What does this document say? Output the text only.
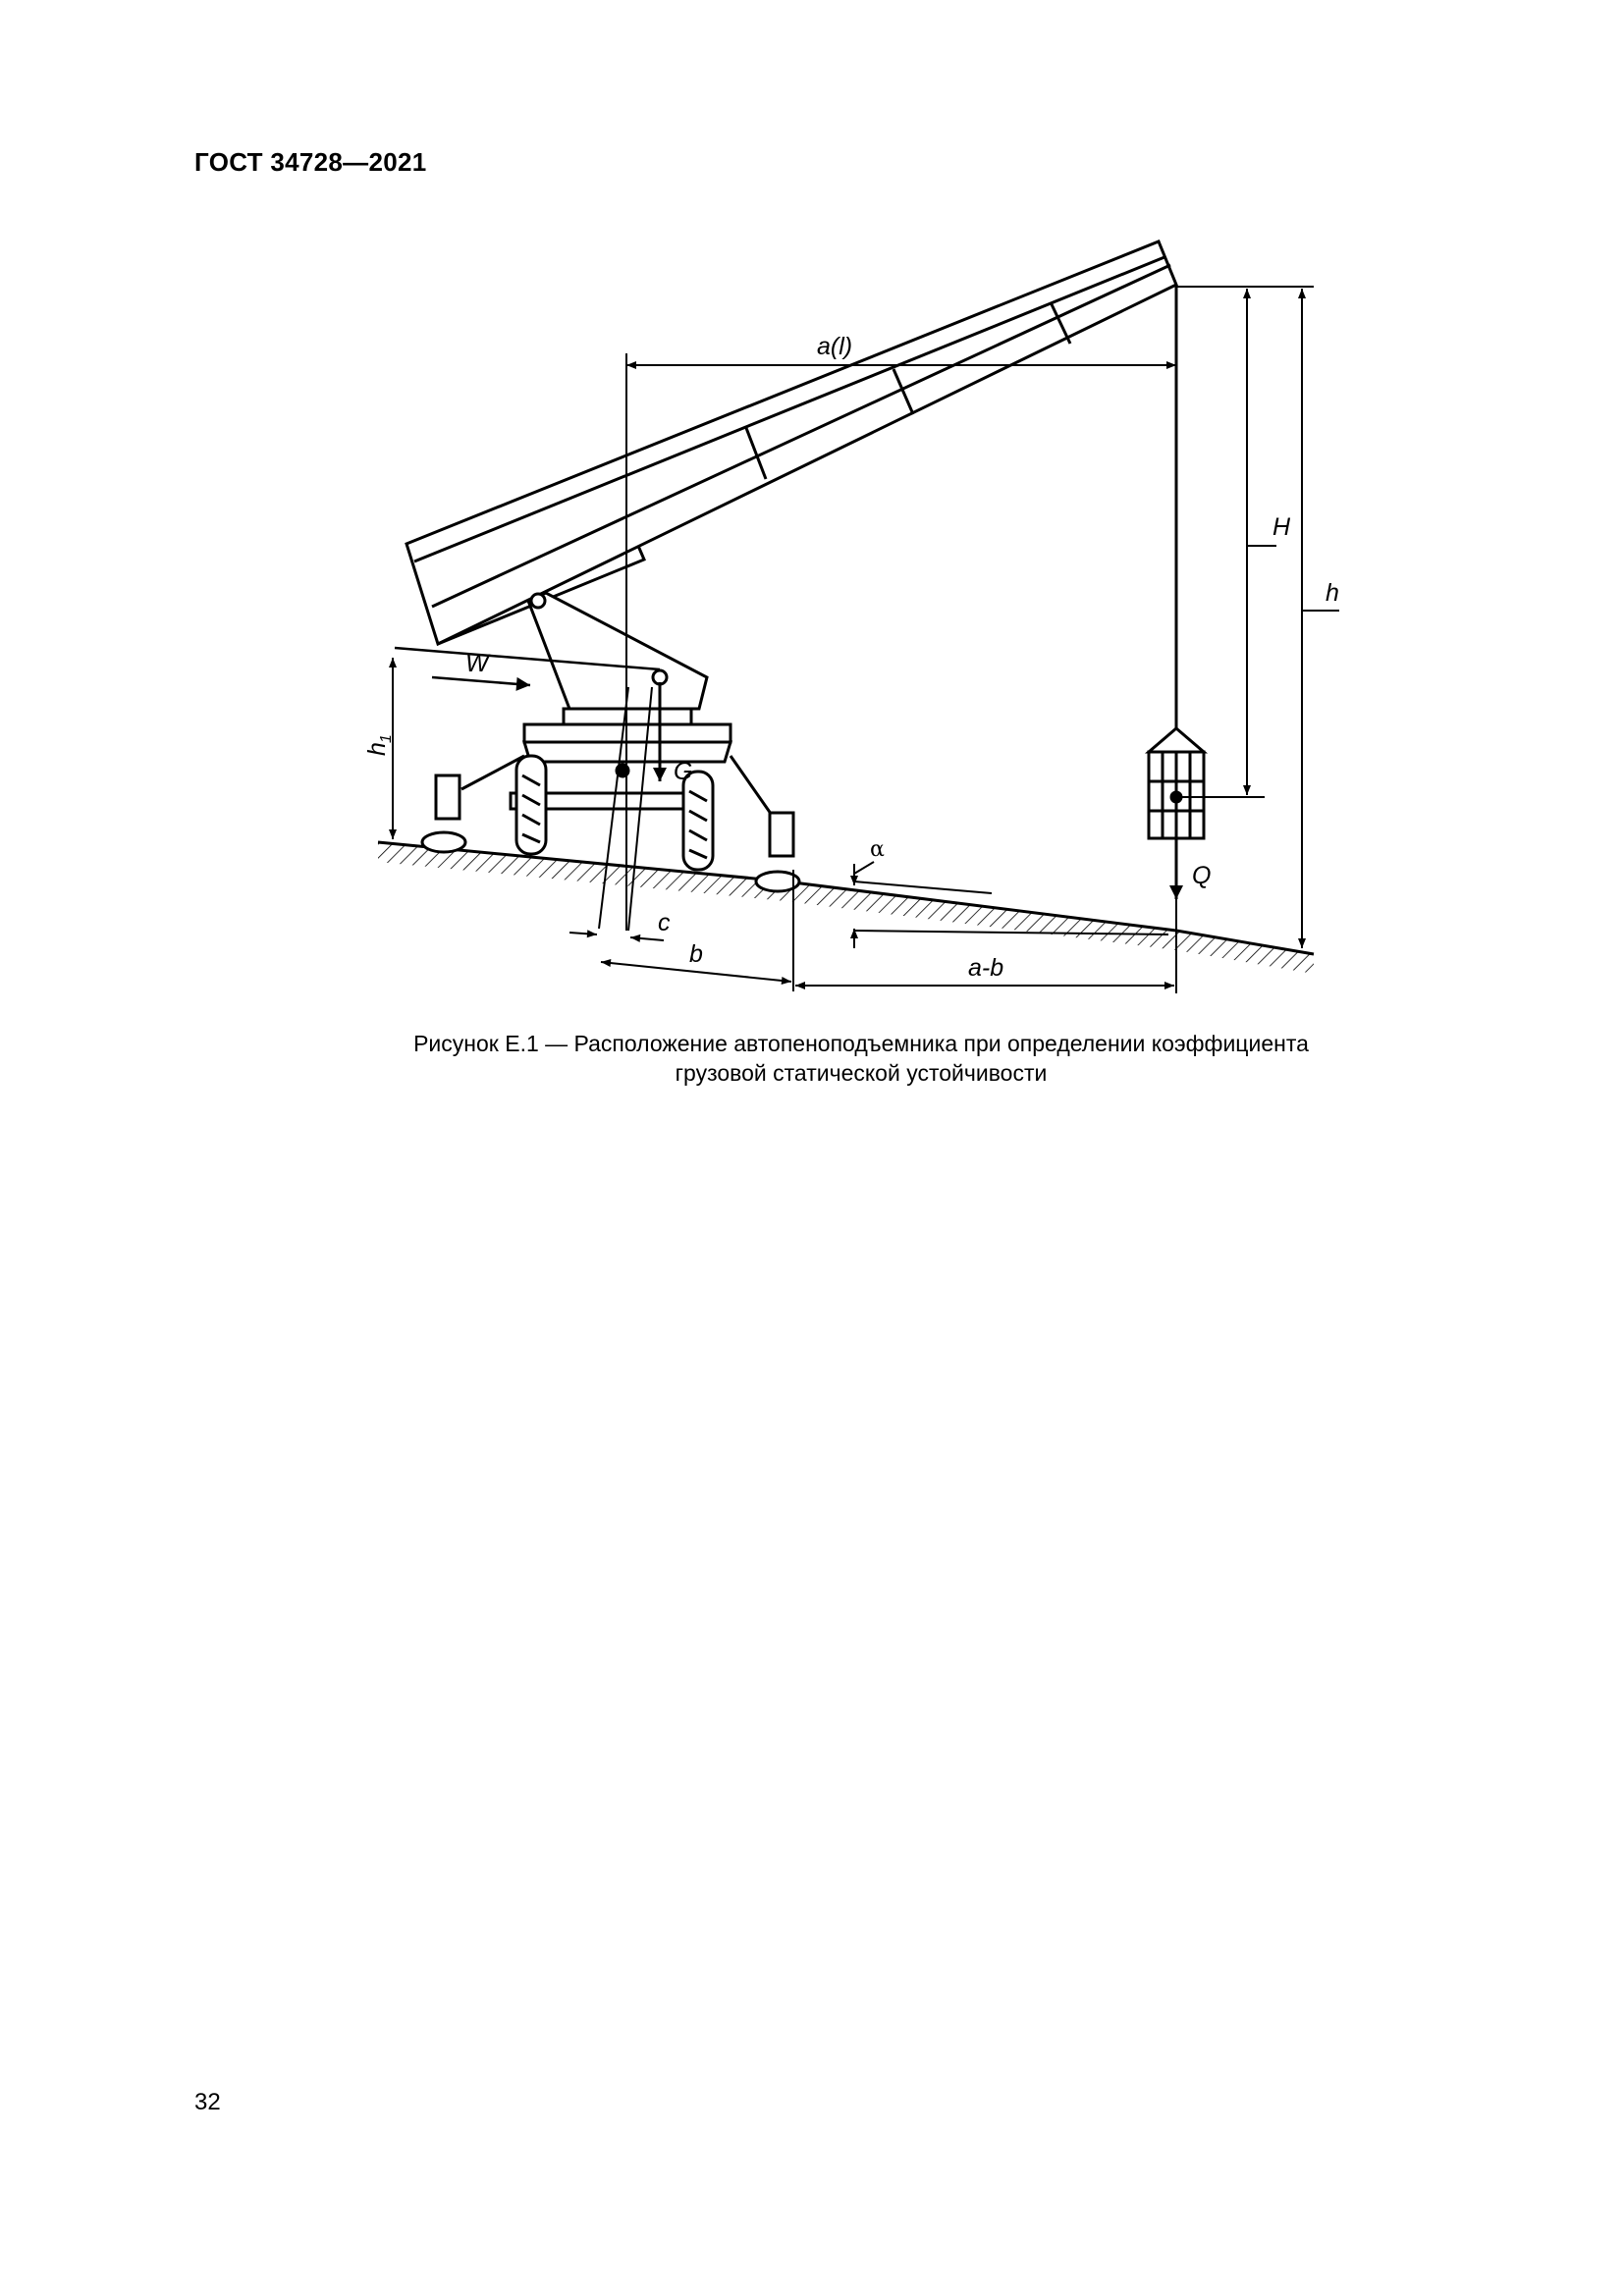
ГОСТ 34728—2021
a(l)
H
h
h
1
c
b	a-b
α
W
G
Q
Рисунок Е.1 — Расположение автопеноподъемника при определении коэффициента
грузовой статической устойчивости
32
